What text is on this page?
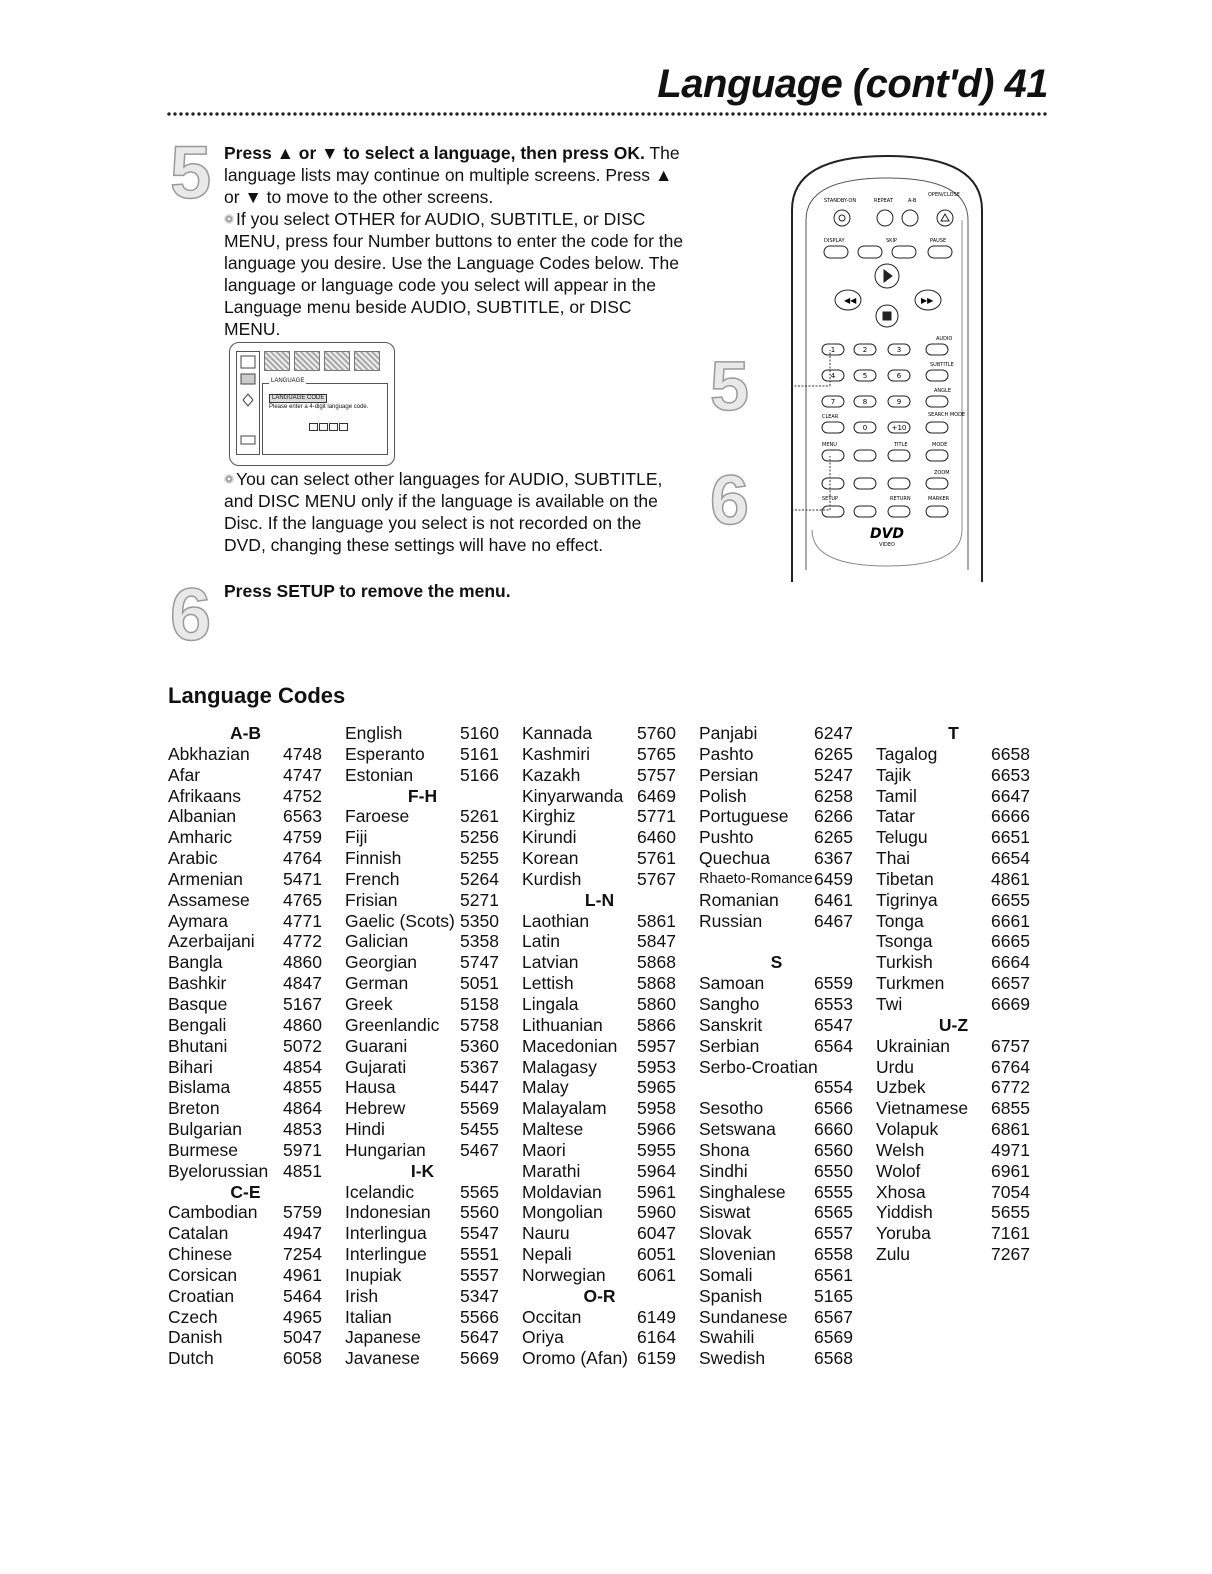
Language (cont'd) 41
5 Press ▲ or ▼ to select a language, then press OK. The language lists may continue on multiple screens. Press ▲ or ▼ to move to the other screens.
If you select OTHER for AUDIO, SUBTITLE, or DISC MENU, press four Number buttons to enter the code for the language you desire. Use the Language Codes below. The language or language code you select will appear in the Language menu beside AUDIO, SUBTITLE, or DISC MENU.
LANGUAGE
LANGUAGE CODE
Please enter a 4-digit language code.
You can select other languages for AUDIO, SUBTITLE, and DISC MENU only if the language is available on the Disc. If the language you select is not recorded on the DVD, changing these settings will have no effect.
6 Press SETUP to remove the menu.
5
6
STANDBY-ON	REPEAT	A-B
OPEN/CLOSE
DISPLAY	SKIP	PAUSE
◀◀	▶▶
AUDIO
1	2	3
4	5	6
7	8	9
0	+10
SUBTITLE
ANGLE
CLEAR	SEARCH MODE
MENU	TITLE	MODE
ZOOM
SETUP	RETURN	MARKER
DVD
VIDEO
Language Codes
A-B
Abkhazian 4748
Afar	4747
Afrikaans 4752
Albanian	6563
Amharic	4759
Arabic	4764
Armenian 5471
Assamese 4765
Aymara	4771
Azerbaijani 4772
Bangla	4860
Bashkir	4847
Basque	5167
Bengali	4860
Bhutani	5072
Bihari	4854
Bislama	4855
Breton	4864
Bulgarian 4853
Burmese	5971
Byelorussian 4851
C-E
Cambodian 5759
Catalan	4947
Chinese	7254
Corsican	4961
Croatian	5464
Czech	4965
Danish	5047
Dutch	6058
English	5160
Esperanto 5161
Estonian	5166
F-H
Faroese	5261
Fiji	5256
Finnish	5255
French	5264
Frisian	5271
Gaelic (Scots) 5350
Galician	5358
Georgian 5747
German	5051
Greek	5158
Greenlandic 5758
Guarani	5360
Gujarati	5367
Hausa	5447
Hebrew	5569
Hindi	5455
Hungarian 5467
I-K
Icelandic	5565
Indonesian 5560
Interlingua 5547
Interlingue 5551
Inupiak	5557
Irish	5347
Italian	5566
Japanese 5647
Javanese 5669
Kannada	5760
Kashmiri	5765
Kazakh	5757
Kinyarwanda 6469
Kirghiz	5771
Kirundi	6460
Korean	5761
Kurdish	5767
L-N
Laothian	5861
Latin	5847
Latvian	5868
Lettish	5868
Lingala	5860
Lithuanian 5866
Macedonian 5957
Malagasy 5953
Malay	5965
Malayalam 5958
Maltese	5966
Maori	5955
Marathi	5964
Moldavian 5961
Mongolian 5960
Nauru	6047
Nepali	6051
Norwegian 6061
O-R
Occitan	6149
Oriya	6164
Oromo (Afan) 6159
Panjabi	6247
Pashto	6265
Persian	5247
Polish	6258
Portuguese 6266
Pushto	6265
Quechua	6367
Rhaeto-Romance 6459
Romanian 6461
Russian	6467
S
Samoan	6559
Sangho	6553
Sanskrit	6547
Serbian	6564
Serbo-Croatian
6554
Sesotho	6566
Setswana 6660
Shona	6560
Sindhi	6550
Singhalese 6555
Siswat	6565
Slovak	6557
Slovenian 6558
Somali	6561
Spanish	5165
Sundanese 6567
Swahili	6569
Swedish	6568
T
Tagalog	6658
Tajik	6653
Tamil	6647
Tatar	6666
Telugu	6651
Thai	6654
Tibetan	4861
Tigrinya	6655
Tonga	6661
Tsonga	6665
Turkish	6664
Turkmen	6657
Twi	6669
U-Z
Ukrainian 6757
Urdu	6764
Uzbek	6772
Vietnamese 6855
Volapuk	6861
Welsh	4971
Wolof	6961
Xhosa	7054
Yiddish	5655
Yoruba	7161
Zulu	7267
